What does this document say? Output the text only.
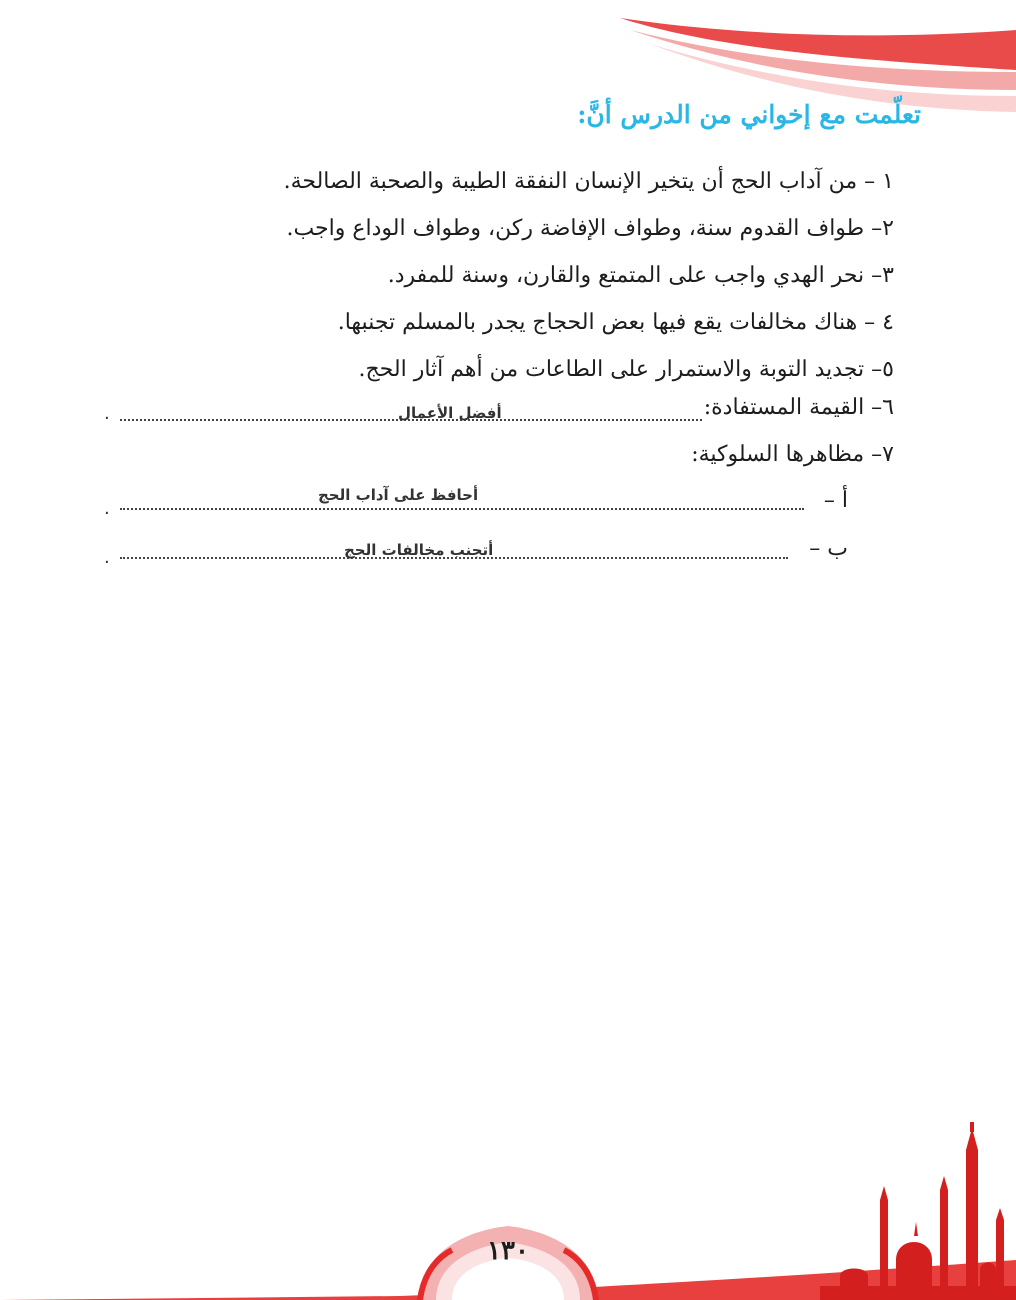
تعلّمت مع إخواني من الدرس أنَّ:
١ – من آداب الحج أن يتخير الإنسان النفقة الطيبة والصحبة الصالحة.
٢– طواف القدوم سنة، وطواف الإفاضة ركن، وطواف الوداع واجب.
٣– نحر الهدي واجب على المتمتع والقارن، وسنة للمفرد.
٤ – هناك مخالفات يقع فيها بعض الحجاج يجدر بالمسلم تجنبها.
٥– تجديد التوبة والاستمرار على الطاعات من أهم آثار الحج.
٦– القيمة المستفادة:
أفضل الأعمال
.
٧– مظاهرها السلوكية:
أ –
أحافظ على آداب الحج
.
ب –
أتجنب مخالفات الحج
.
١٣٠
